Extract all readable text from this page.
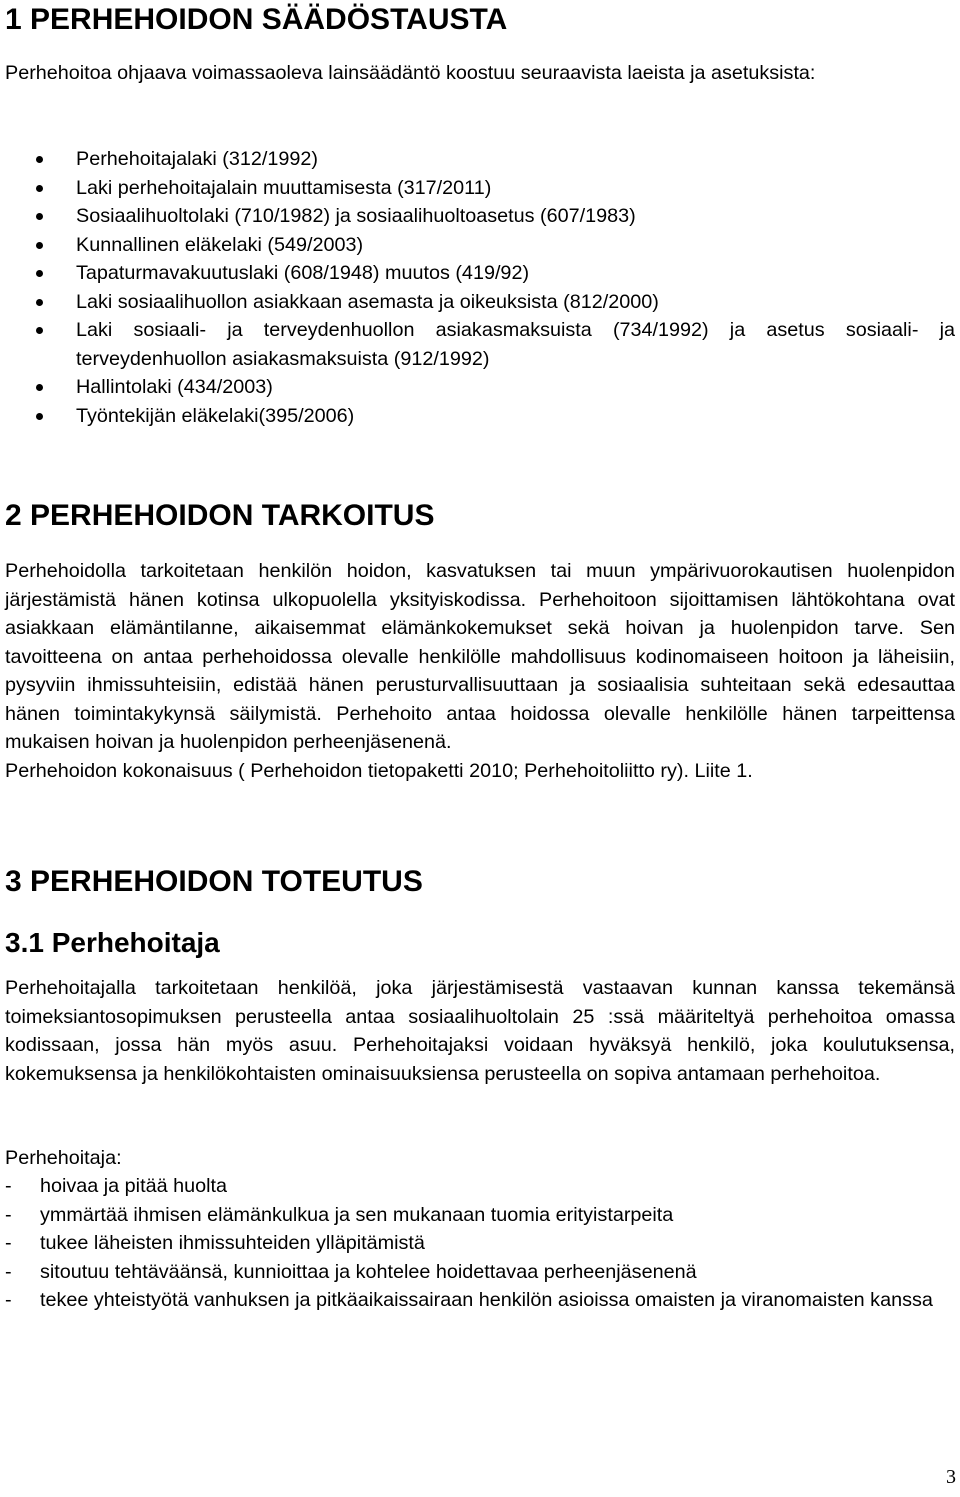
1 PERHEHOIDON SÄÄDÖSTAUSTA

Perhehoitoa ohjaava voimassaoleva lainsäädäntö koostuu seuraavista laeista ja asetuksista:

Perhehoitajalaki (312/1992)
Laki perhehoitajalain muuttamisesta (317/2011)
Sosiaalihuoltolaki (710/1982) ja sosiaalihuoltoasetus (607/1983)
Kunnallinen eläkelaki (549/2003)
Tapaturmavakuutuslaki (608/1948) muutos (419/92)
Laki sosiaalihuollon asiakkaan asemasta ja oikeuksista (812/2000)
Laki sosiaali- ja terveydenhuollon asiakasmaksuista (734/1992) ja asetus sosiaali- ja terveydenhuollon asiakasmaksuista (912/1992)
Hallintolaki (434/2003)
Työntekijän eläkelaki(395/2006)
2 PERHEHOIDON TARKOITUS

Perhehoidolla tarkoitetaan henkilön hoidon, kasvatuksen tai muun ympärivuorokautisen huolenpidon järjestämistä hänen kotinsa ulkopuolella yksityiskodissa. Perhehoitoon sijoittamisen lähtökohtana ovat asiakkaan elämäntilanne, aikaisemmat elämänkokemukset sekä hoivan ja huolenpidon tarve. Sen tavoitteena on antaa perhehoidossa olevalle henkilölle mahdollisuus kodinomaiseen hoitoon ja läheisiin, pysyviin ihmissuhteisiin, edistää hänen perusturvallisuuttaan ja sosiaalisia suhteitaan sekä edesauttaa hänen toimintakykynsä säilymistä. Perhehoito antaa hoidossa olevalle henkilölle hänen tarpeittensa mukaisen hoivan ja huolenpidon perheenjäsenenä.

Perhehoidon kokonaisuus ( Perhehoidon tietopaketti 2010; Perhehoitoliitto ry). Liite 1.

3 PERHEHOIDON TOTEUTUS
3.1 Perhehoitaja

Perhehoitajalla tarkoitetaan henkilöä, joka järjestämisestä vastaavan kunnan kanssa tekemänsä toimeksiantosopimuksen perusteella antaa sosiaalihuoltolain 25 :ssä määriteltyä perhehoitoa omassa kodissaan, jossa hän myös asuu. Perhehoitajaksi voidaan hyväksyä henkilö, joka koulutuksensa, kokemuksensa ja henkilökohtaisten ominaisuuksiensa perusteella on sopiva antamaan perhehoitoa.

Perhehoitaja:

- hoivaa ja pitää huolta
- ymmärtää ihmisen elämänkulkua ja sen mukanaan tuomia erityistarpeita
- tukee läheisten ihmissuhteiden ylläpitämistä
- sitoutuu tehtäväänsä, kunnioittaa ja kohtelee hoidettavaa perheenjäsenenä
- tekee yhteistyötä vanhuksen ja pitkäaikaissairaan henkilön asioissa omaisten ja viranomaisten kanssa
3
